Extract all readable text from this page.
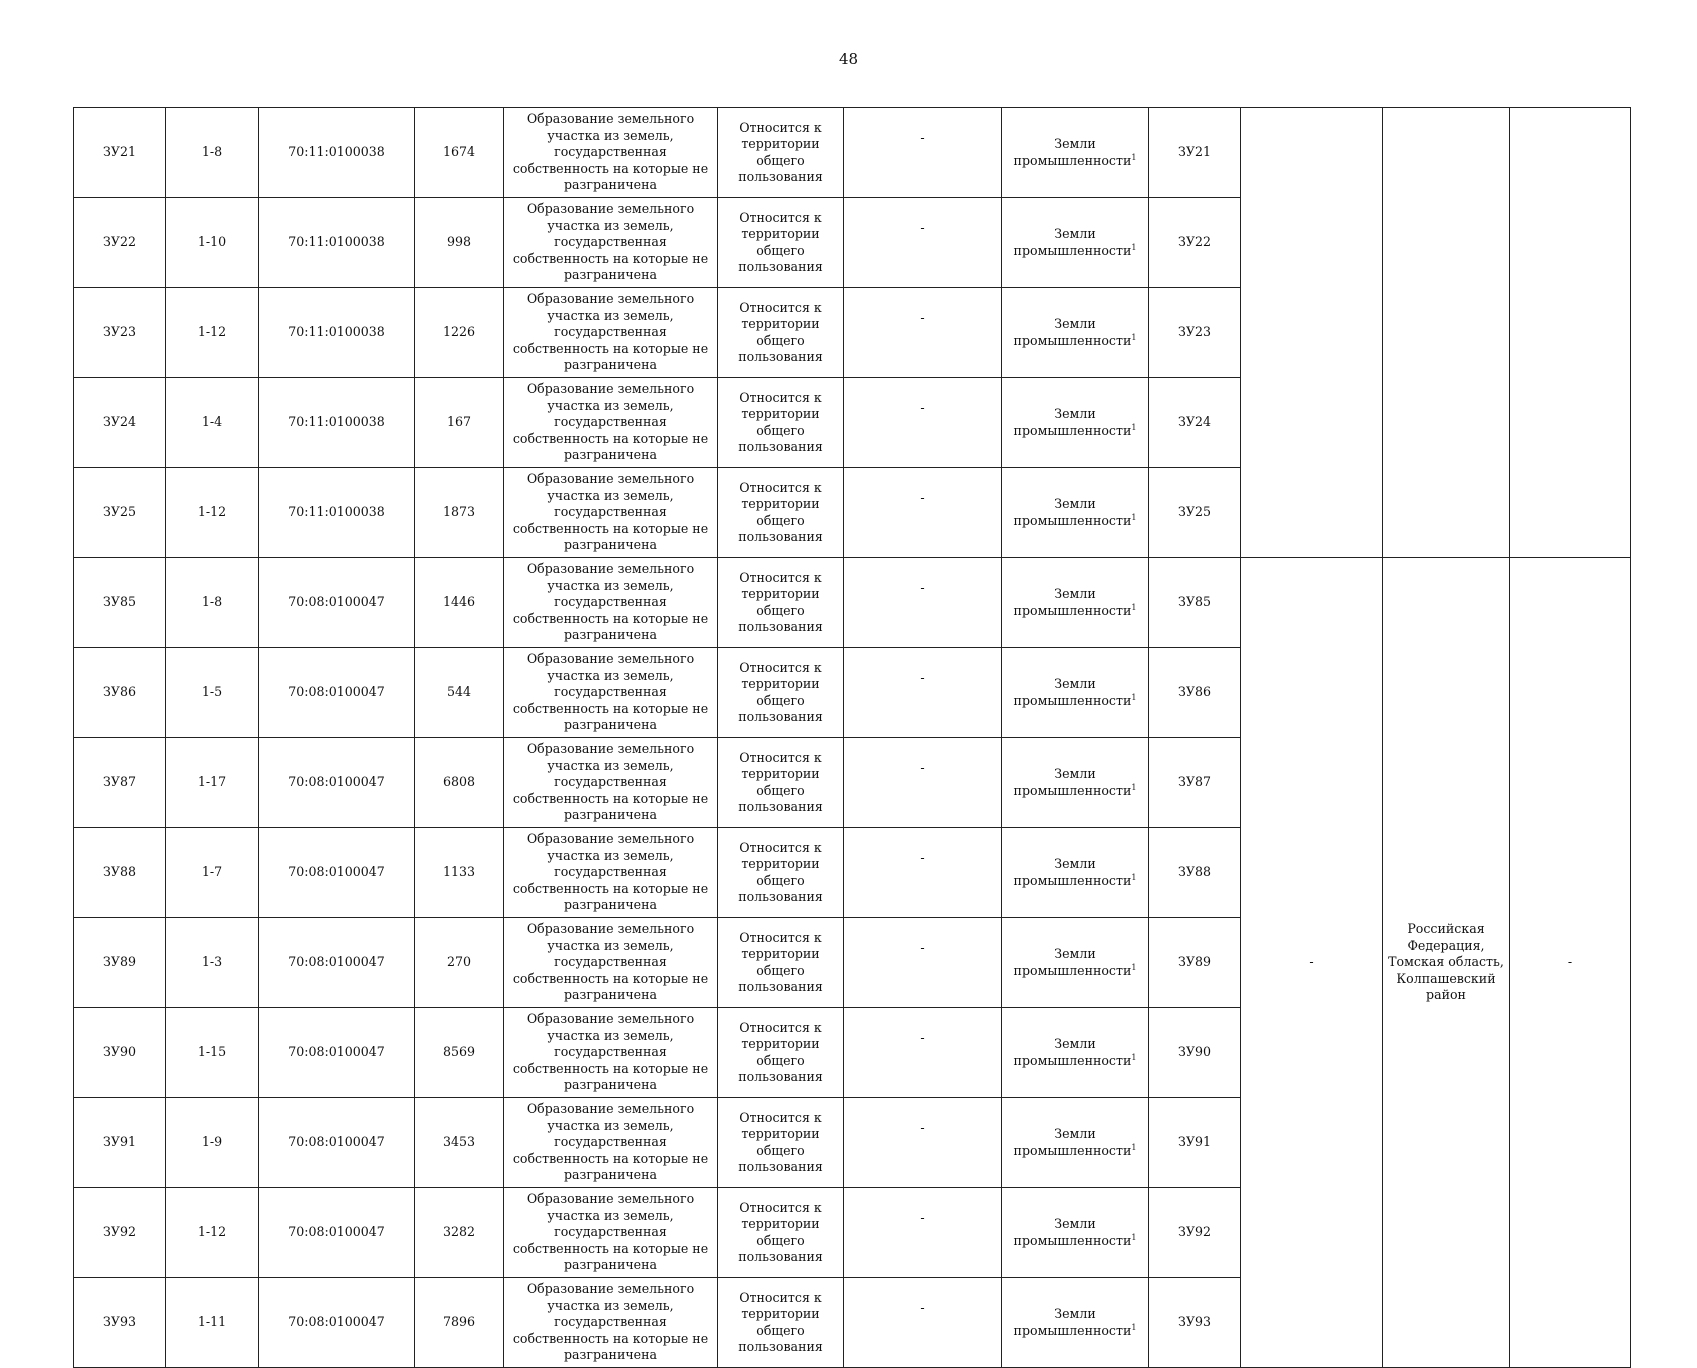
48
ЗУ21	1-8	70:11:0100038	1674	Образование земельного участка из земель, государственная собственность на которые не разграничена	Относится к территории общего пользования	-	Земли промышленности$^1$	ЗУ21			
ЗУ22	1-10	70:11:0100038	998	Образование земельного участка из земель, государственная собственность на которые не разграничена	Относится к территории общего пользования	-	Земли промышленности$^1$	ЗУ22			
ЗУ23	1-12	70:11:0100038	1226	Образование земельного участка из земель, государственная собственность на которые не разграничена	Относится к территории общего пользования	-	Земли промышленности$^1$	ЗУ23			
ЗУ24	1-4	70:11:0100038	167	Образование земельного участка из земель, государственная собственность на которые не разграничена	Относится к территории общего пользования	-	Земли промышленности$^1$	ЗУ24			
ЗУ25	1-12	70:11:0100038	1873	Образование земельного участка из земель, государственная собственность на которые не разграничена	Относится к территории общего пользования	-	Земли промышленности$^1$	ЗУ25			
ЗУ85	1-8	70:08:0100047	1446	Образование земельного участка из земель, государственная собственность на которые не разграничена	Относится к территории общего пользования	-	Земли промышленности$^1$	ЗУ85	-	Российская Федерация, Томская область, Колпашевский район	-
ЗУ86	1-5	70:08:0100047	544	Образование земельного участка из земель, государственная собственность на которые не разграничена	Относится к территории общего пользования	-	Земли промышленности$^1$	ЗУ86			
ЗУ87	1-17	70:08:0100047	6808	Образование земельного участка из земель, государственная собственность на которые не разграничена	Относится к территории общего пользования	-	Земли промышленности$^1$	ЗУ87			
ЗУ88	1-7	70:08:0100047	1133	Образование земельного участка из земель, государственная собственность на которые не разграничена	Относится к территории общего пользования	-	Земли промышленности$^1$	ЗУ88			
ЗУ89	1-3	70:08:0100047	270	Образование земельного участка из земель, государственная собственность на которые не разграничена	Относится к территории общего пользования	-	Земли промышленности$^1$	ЗУ89			
ЗУ90	1-15	70:08:0100047	8569	Образование земельного участка из земель, государственная собственность на которые не разграничена	Относится к территории общего пользования	-	Земли промышленности$^1$	ЗУ90			
ЗУ91	1-9	70:08:0100047	3453	Образование земельного участка из земель, государственная собственность на которые не разграничена	Относится к территории общего пользования	-	Земли промышленности$^1$	ЗУ91			
ЗУ92	1-12	70:08:0100047	3282	Образование земельного участка из земель, государственная собственность на которые не разграничена	Относится к территории общего пользования	-	Земли промышленности$^1$	ЗУ92			
ЗУ93	1-11	70:08:0100047	7896	Образование земельного участка из земель, государственная собственность на которые не разграничена	Относится к территории общего пользования	-	Земли промышленности$^1$	ЗУ93			
